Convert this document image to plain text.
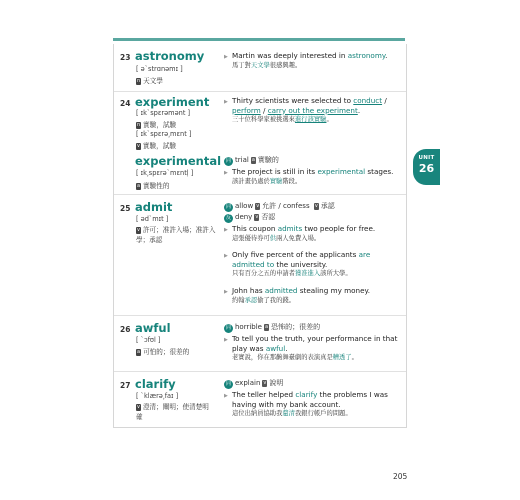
23 astronomy
[ əˋstrɑnəmɪ ]
n 天文學
▶ Martin was deeply interested in astronomy.
馬丁對天文學很感興趣。
24 experiment
[ ɪkˋspɛrəmənt ]
n 實驗，試驗
[ ɪkˋspɛrə͵mɛnt ]
v 實驗，試驗
▶ Thirty scientists were selected to conduct / perform / carry out the experiment.
三十位科學家被挑選來進行該實驗。
experimental
[ ɪk͵spɛrəˋmɛntl̩ ]
a 實驗性的
同 trial a 實驗的
▶ The project is still in its experimental stages.
該計畫仍處於實驗階段。
25 admit
[ ədˋmɪt ]
v 許可；准許入場；准許入學；承認
同 allow v 允許 / confess v 承認
反 deny v 否認
▶ This coupon admits two people for free.
這張優待券可供兩人免費入場。
▶ Only five percent of the applicants are admitted to the university.
只有百分之五的申請者獲准進入該所大學。
▶ John has admitted stealing my money.
約翰承認偷了我的錢。
26 awful
[ ˋɔfʊl ]
a 可怕的；很差的
同 horrible a 恐怖的；很差的
▶ To tell you the truth, your performance in that play was awful.
老實說，你在那齣舞臺劇的表演真是糟透了。
27 clarify
[ ˋklærə͵faɪ ]
v 澄清；闡明；使清楚明確
同 explain v 說明
▶ The teller helped clarify the problems I was having with my bank account.
這位出納員協助我釐清我銀行帳戶的問題。
UNIT
26
205
